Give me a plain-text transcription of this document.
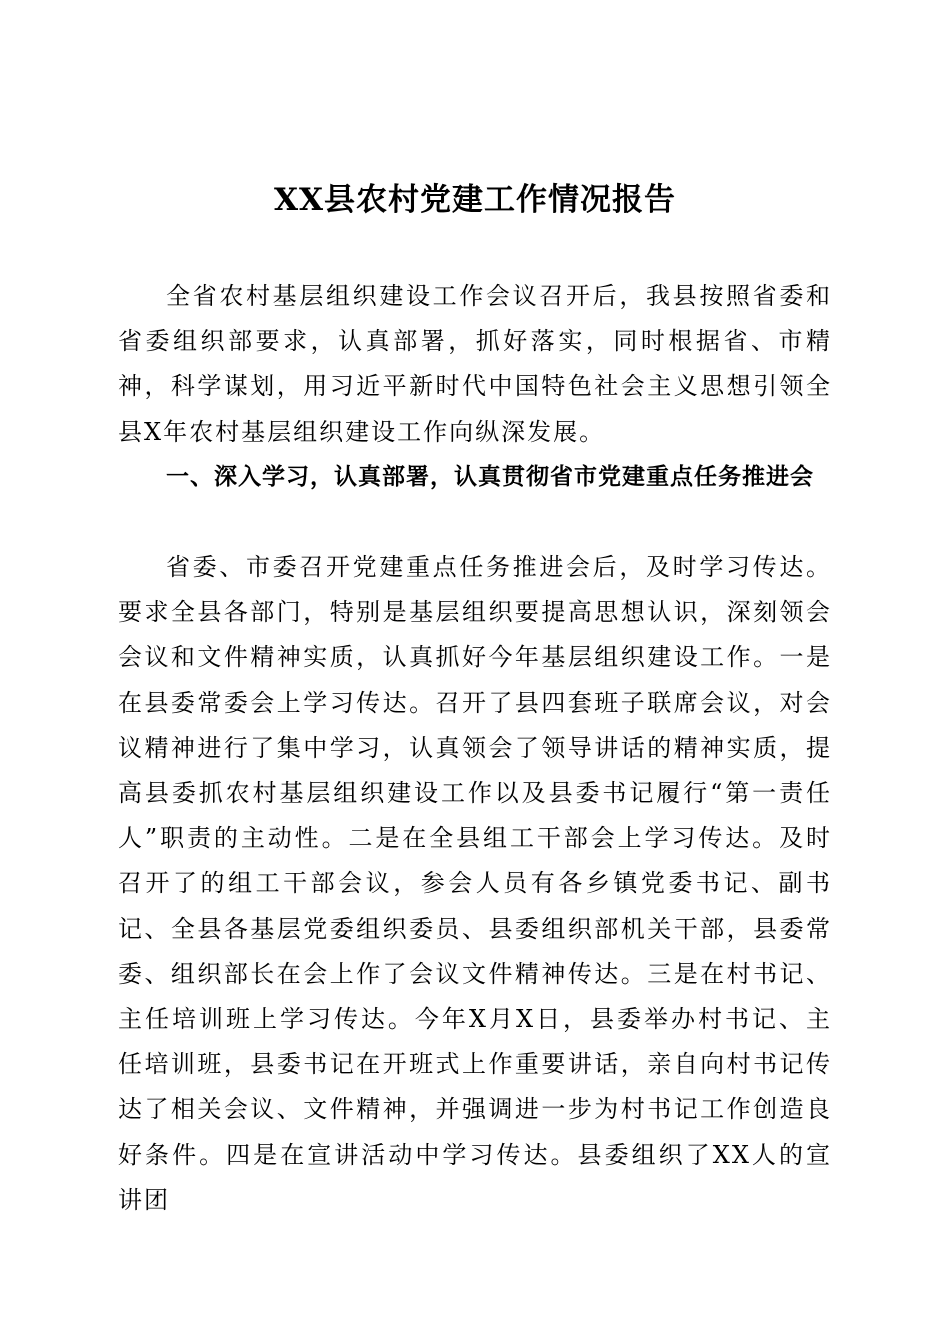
XX县农村党建工作情况报告

全省农村基层组织建设工作会议召开后，我县按照省委和省委组织部要求，认真部署，抓好落实，同时根据省、市精神，科学谋划，用习近平新时代中国特色社会主义思想引领全县X年农村基层组织建设工作向纵深发展。

一、深入学习，认真部署，认真贯彻省市党建重点任务推进会

省委、市委召开党建重点任务推进会后，及时学习传达。要求全县各部门，特别是基层组织要提高思想认识，深刻领会会议和文件精神实质，认真抓好今年基层组织建设工作。一是在县委常委会上学习传达。召开了县四套班子联席会议，对会议精神进行了集中学习，认真领会了领导讲话的精神实质，提高县委抓农村基层组织建设工作以及县委书记履行“第一责任人”职责的主动性。二是在全县组工干部会上学习传达。及时召开了的组工干部会议，参会人员有各乡镇党委书记、副书记、全县各基层党委组织委员、县委组织部机关干部，县委常委、组织部长在会上作了会议文件精神传达。三是在村书记、主任培训班上学习传达。今年X月X日，县委举办村书记、主任培训班，县委书记在开班式上作重要讲话，亲自向村书记传达了相关会议、文件精神，并强调进一步为村书记工作创造良好条件。四是在宣讲活动中学习传达。县委组织了XX人的宣讲团
